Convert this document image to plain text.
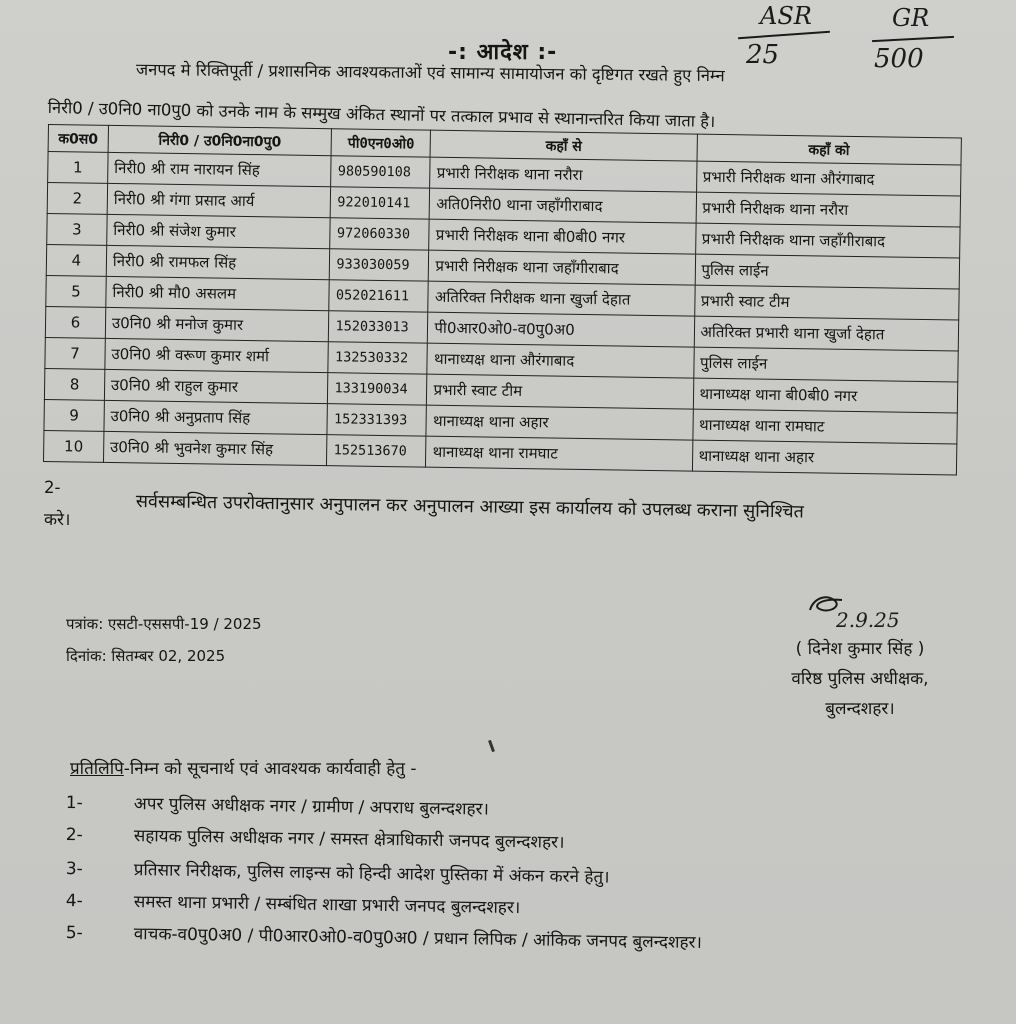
-: आदेश :-
ASR
25
GR
500
जनपद मे रिक्तिपूर्ती / प्रशासनिक आवश्यकताओं एवं सामान्य सामायोजन को दृष्टिगत रखते हुए निम्न
निरी0 / उ0नि0 ना0पु0 को उनके नाम के सम्मुख अंकित स्थानों पर तत्काल प्रभाव से स्थानान्तरित किया जाता है।
क0स0	निरी0 / उ0नि0ना0पु0	पी0एन0ओ0	कहाँ से	कहाँ को
1	निरी0 श्री राम नारायन सिंह	980590108	प्रभारी निरीक्षक थाना नरौरा	प्रभारी निरीक्षक थाना औरंगाबाद
2	निरी0 श्री गंगा प्रसाद आर्य	922010141	अति0निरी0 थाना जहाँगीराबाद	प्रभारी निरीक्षक थाना नरौरा
3	निरी0 श्री संजेश कुमार	972060330	प्रभारी निरीक्षक थाना बी0बी0 नगर	प्रभारी निरीक्षक थाना जहाँगीराबाद
4	निरी0 श्री रामफल सिंह	933030059	प्रभारी निरीक्षक थाना जहाँगीराबाद	पुलिस लाईन
5	निरी0 श्री मौ0 असलम	052021611	अतिरिक्त निरीक्षक थाना खुर्जा देहात	प्रभारी स्वाट टीम
6	उ0नि0 श्री मनोज कुमार	152033013	पी0आर0ओ0-व0पु0अ0	अतिरिक्त प्रभारी थाना खुर्जा देहात
7	उ0नि0 श्री वरूण कुमार शर्मा	132530332	थानाध्यक्ष थाना औरंगाबाद	पुलिस लाईन
8	उ0नि0 श्री राहुल कुमार	133190034	प्रभारी स्वाट टीम	थानाध्यक्ष थाना बी0बी0 नगर
9	उ0नि0 श्री अनुप्रताप सिंह	152331393	थानाध्यक्ष थाना अहार	थानाध्यक्ष थाना रामघाट
10	उ0नि0 श्री भुवनेश कुमार सिंह	152513670	थानाध्यक्ष थाना रामघाट	थानाध्यक्ष थाना अहार
2-
सर्वसम्बन्धित उपरोक्तानुसार अनुपालन कर अनुपालन आख्या इस कार्यालय को उपलब्ध कराना सुनिश्चित
करे।
पत्रांक: एसटी-एससपी-19 / 2025
दिनांक: सितम्बर 02, 2025
2.9.25
( दिनेश कुमार सिंह )
वरिष्ठ पुलिस अधीक्षक,
बुलन्दशहर।
प्रतिलिपि-निम्न को सूचनार्थ एवं आवश्यक कार्यवाही हेतु -
1-	अपर पुलिस अधीक्षक नगर / ग्रामीण / अपराध बुलन्दशहर।
2-	सहायक पुलिस अधीक्षक नगर / समस्त क्षेत्राधिकारी जनपद बुलन्दशहर।
3-	प्रतिसार निरीक्षक, पुलिस लाइन्स को हिन्दी आदेश पुस्तिका में अंकन करने हेतु।
4-	समस्त थाना प्रभारी / सम्बंधित शाखा प्रभारी जनपद बुलन्दशहर।
5-	वाचक-व0पु0अ0 / पी0आर0ओ0-व0पु0अ0 / प्रधान लिपिक / आंकिक जनपद बुलन्दशहर।
